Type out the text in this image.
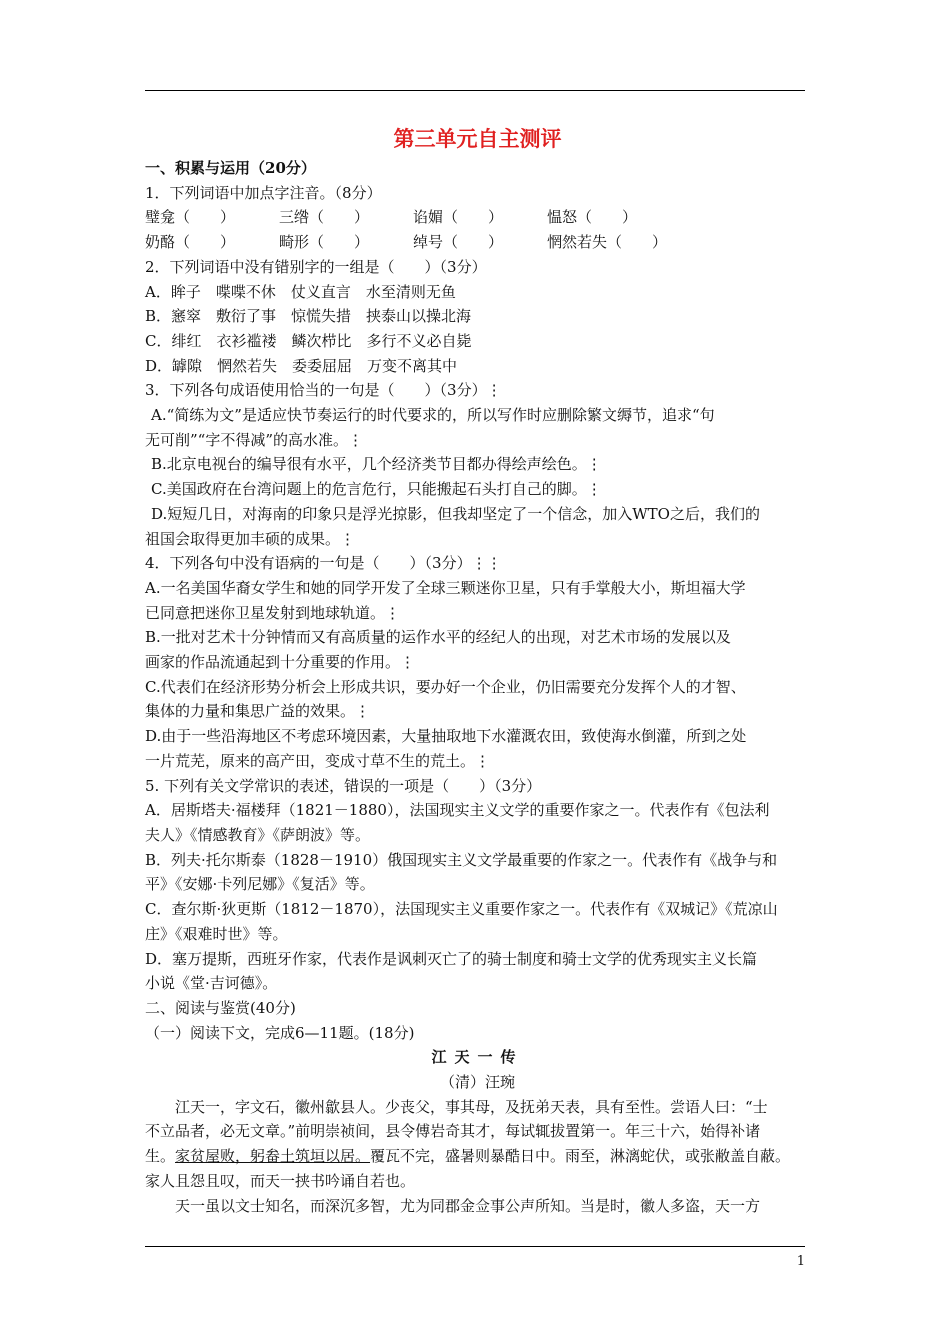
第三单元自主测评
一、积累与运用（20分）
1．下列词语中加点字注音。（8分）
璧龛（　　）	三绺（　　）	谄媚（　　）	愠怒（　　）
奶酪（　　）	畸形（　　）	绰号（　　）	惘然若失（　　）
2．下列词语中没有错别字的一组是（　　）（3分）
A．眸子　喋喋不休　仗义直言　水至清则无鱼
B．窸窣　敷衍了事　惊慌失措　挟泰山以操北海
C．绯红　衣衫褴褛　鳞次栉比　多行不义必自毙
D．罅隙　惘然若失　委委屈屈　万变不离其中
3．下列各句成语使用恰当的一句是（　　）（3分）⋮
A.“简练为文”是适应快节奏运行的时代要求的，所以写作时应删除繁文缛节，追求“句
无可削”“字不得减”的高水准。⋮
B.北京电视台的编导很有水平，几个经济类节目都办得绘声绘色。⋮
C.美国政府在台湾问题上的危言危行，只能搬起石头打自己的脚。⋮
D.短短几日，对海南的印象只是浮光掠影，但我却坚定了一个信念，加入WTO之后，我们的
祖国会取得更加丰硕的成果。⋮
4．下列各句中没有语病的一句是（　　）（3分）⋮⋮
A.一名美国华裔女学生和她的同学开发了全球三颗迷你卫星，只有手掌般大小，斯坦福大学
已同意把迷你卫星发射到地球轨道。⋮
B.一批对艺术十分钟情而又有高质量的运作水平的经纪人的出现，对艺术市场的发展以及
画家的作品流通起到十分重要的作用。⋮
C.代表们在经济形势分析会上形成共识，要办好一个企业，仍旧需要充分发挥个人的才智、
集体的力量和集思广益的效果。⋮
D.由于一些沿海地区不考虑环境因素，大量抽取地下水灌溉农田，致使海水倒灌，所到之处
一片荒芜，原来的高产田，变成寸草不生的荒土。⋮
5. 下列有关文学常识的表述，错误的一项是（　　）（3分）
A．居斯塔夫·福楼拜（1821－1880），法国现实主义文学的重要作家之一。代表作有《包法利
夫人》《情感教育》《萨朗波》等。
B．列夫·托尔斯泰（1828－1910）俄国现实主义文学最重要的作家之一。代表作有《战争与和
平》《安娜·卡列尼娜》《复活》等。
C．查尔斯·狄更斯（1812－1870），法国现实主义重要作家之一。代表作有《双城记》《荒凉山
庄》《艰难时世》等。
D．塞万提斯，西班牙作家，代表作是讽刺灭亡了的骑士制度和骑士文学的优秀现实主义长篇
小说《堂·吉诃德》。
二、阅读与鉴赏(40分)
（一）阅读下文，完成6—11题。(18分)
江天一传
（清）汪琬
江天一，字文石，徽州歙县人。少丧父，事其母，及抚弟天表，具有至性。尝语人曰：“士
不立品者，必无文章。”前明崇祯间，县令傅岩奇其才，每试辄拔置第一。年三十六，始得补诸
生。家贫屋败，躬畚土筑垣以居。覆瓦不完，盛暑则暴酷日中。雨至，淋漓蛇伏，或张敝盖自蔽。
家人且怨且叹，而天一挟书吟诵自若也。
天一虽以文士知名，而深沉多智，尤为同郡金佥事公声所知。当是时，徽人多盗，天一方
1
